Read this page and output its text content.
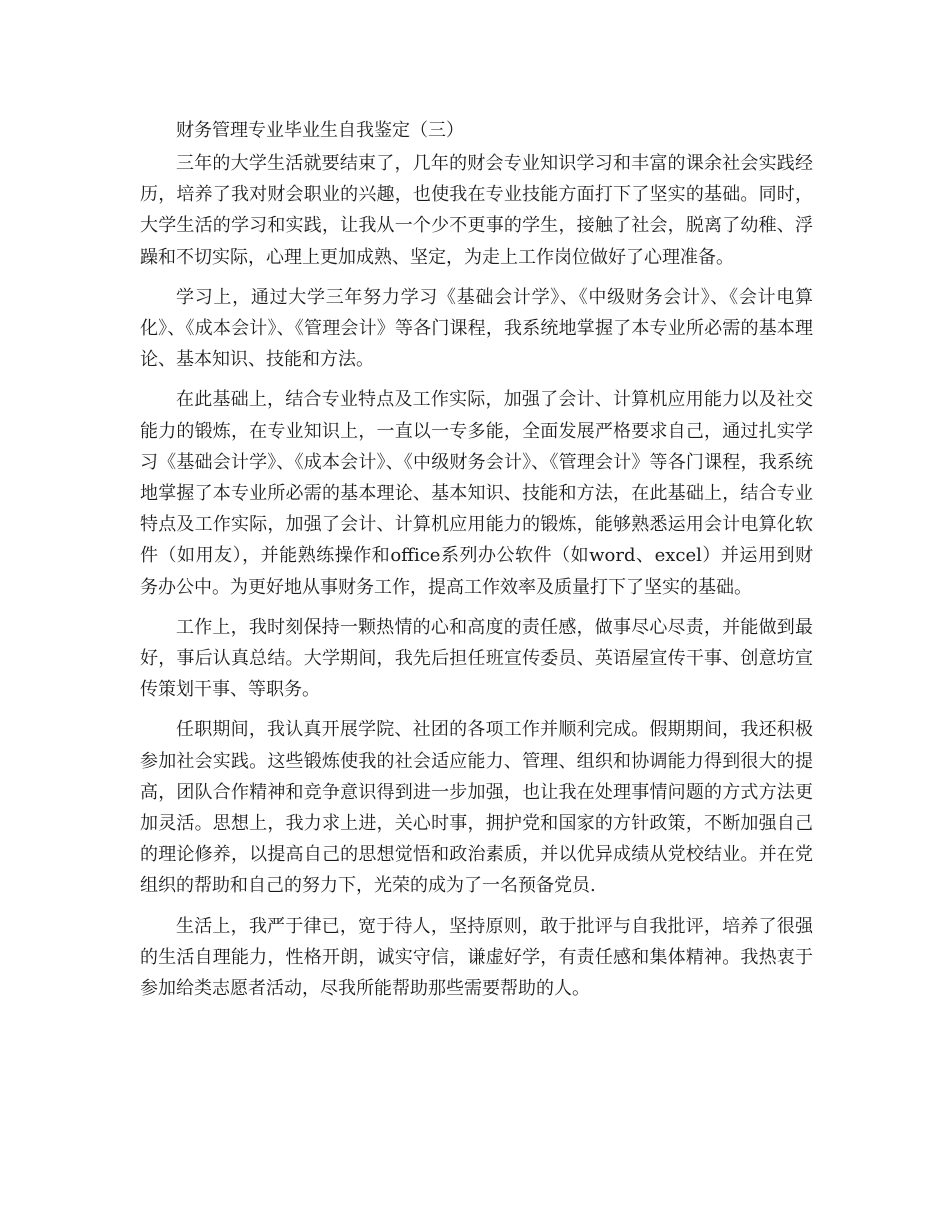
财务管理专业毕业生自我鉴定（三）

三年的大学生活就要结束了，几年的财会专业知识学习和丰富的课余社会实践经历，培养了我对财会职业的兴趣，也使我在专业技能方面打下了坚实的基础。同时，大学生活的学习和实践，让我从一个少不更事的学生，接触了社会，脱离了幼稚、浮躁和不切实际，心理上更加成熟、坚定，为走上工作岗位做好了心理准备。

学习上，通过大学三年努力学习《基础会计学》、《中级财务会计》、《会计电算化》、《成本会计》、《管理会计》等各门课程，我系统地掌握了本专业所必需的基本理论、基本知识、技能和方法。

在此基础上，结合专业特点及工作实际，加强了会计、计算机应用能力以及社交能力的锻炼，在专业知识上，一直以一专多能，全面发展严格要求自己，通过扎实学习《基础会计学》、《成本会计》、《中级财务会计》、《管理会计》等各门课程，我系统地掌握了本专业所必需的基本理论、基本知识、技能和方法，在此基础上，结合专业特点及工作实际，加强了会计、计算机应用能力的锻炼，能够熟悉运用会计电算化软件（如用友），并能熟练操作和office系列办公软件（如word、excel）并运用到财务办公中。为更好地从事财务工作，提高工作效率及质量打下了坚实的基础。

工作上，我时刻保持一颗热情的心和高度的责任感，做事尽心尽责，并能做到最好，事后认真总结。大学期间，我先后担任班宣传委员、英语屋宣传干事、创意坊宣传策划干事、等职务。

任职期间，我认真开展学院、社团的各项工作并顺利完成。假期期间，我还积极参加社会实践。这些锻炼使我的社会适应能力、管理、组织和协调能力得到很大的提高，团队合作精神和竞争意识得到进一步加强，也让我在处理事情问题的方式方法更加灵活。思想上，我力求上进，关心时事，拥护党和国家的方针政策，不断加强自己的理论修养，以提高自己的思想觉悟和政治素质，并以优异成绩从党校结业。并在党组织的帮助和自己的努力下，光荣的成为了一名预备党员.

生活上，我严于律已，宽于待人，坚持原则，敢于批评与自我批评，培养了很强的生活自理能力，性格开朗，诚实守信，谦虚好学，有责任感和集体精神。我热衷于参加给类志愿者活动，尽我所能帮助那些需要帮助的人。
